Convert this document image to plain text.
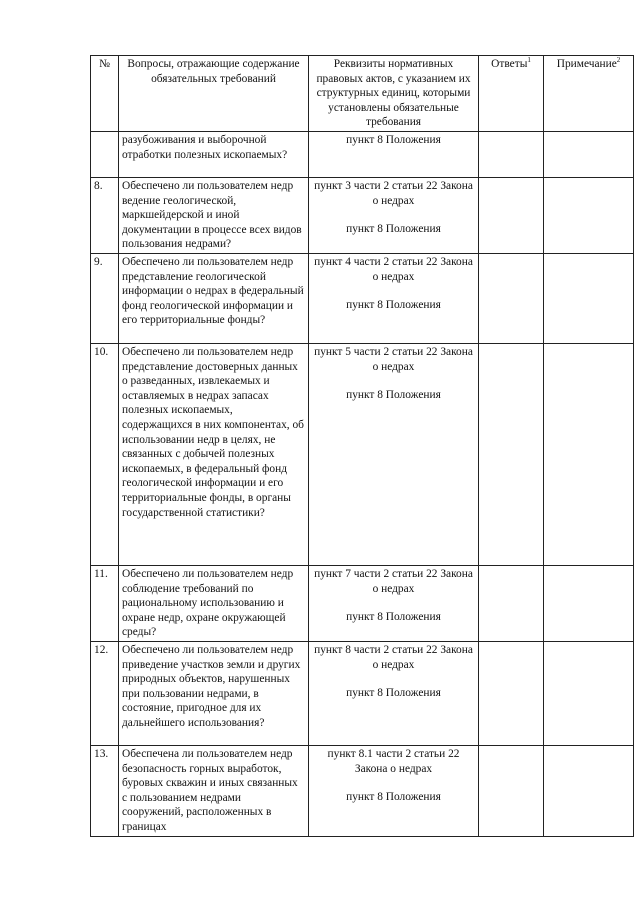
№	Вопросы, отражающие содержание обязательных требований	Реквизиты нормативных правовых актов, с указанием их структурных единиц, которыми установлены обязательные требования	Ответы$^1$	Примечание$^2$
	разубоживания и выборочной отработки полезных ископаемых?	пункт 8 Положения		

8.	Обеспечено ли пользователем недр ведение геологической, маркшейдерской и иной документации в процессе всех видов пользования недрами?	пункт 3 части 2 статьи 22 Закона о недрах
пункт 8 Положения		

9.	Обеспечено ли пользователем недр представление геологической информации о недрах в федеральный фонд геологической информации и его территориальные фонды?	пункт 4 части 2 статьи 22 Закона о недрах
пункт 8 Положения		

10.	Обеспечено ли пользователем недр представление достоверных данных о разведанных, извлекаемых и оставляемых в недрах запасах полезных ископаемых, содержащихся в них компонентах, об использовании недр в целях, не связанных с добычей полезных ископаемых, в федеральный фонд геологической информации и его территориальные фонды, в органы государственной статистики?	пункт 5 части 2 статьи 22 Закона о недрах
пункт 8 Положения		

11.	Обеспечено ли пользователем недр соблюдение требований по рациональному использованию и охране недр, охране окружающей среды?	пункт 7 части 2 статьи 22 Закона о недрах
пункт 8 Положения		

12.	Обеспечено ли пользователем недр приведение участков земли и других природных объектов, нарушенных при пользовании недрами, в состояние, пригодное для их дальнейшего использования?	пункт 8 части 2 статьи 22 Закона о недрах
пункт 8 Положения		

13.	Обеспечена ли пользователем недр безопасность горных выработок, буровых скважин и иных связанных с пользованием недрами сооружений, расположенных в границах	пункт 8.1 части 2 статьи 22 Закона о недрах
пункт 8 Положения		
